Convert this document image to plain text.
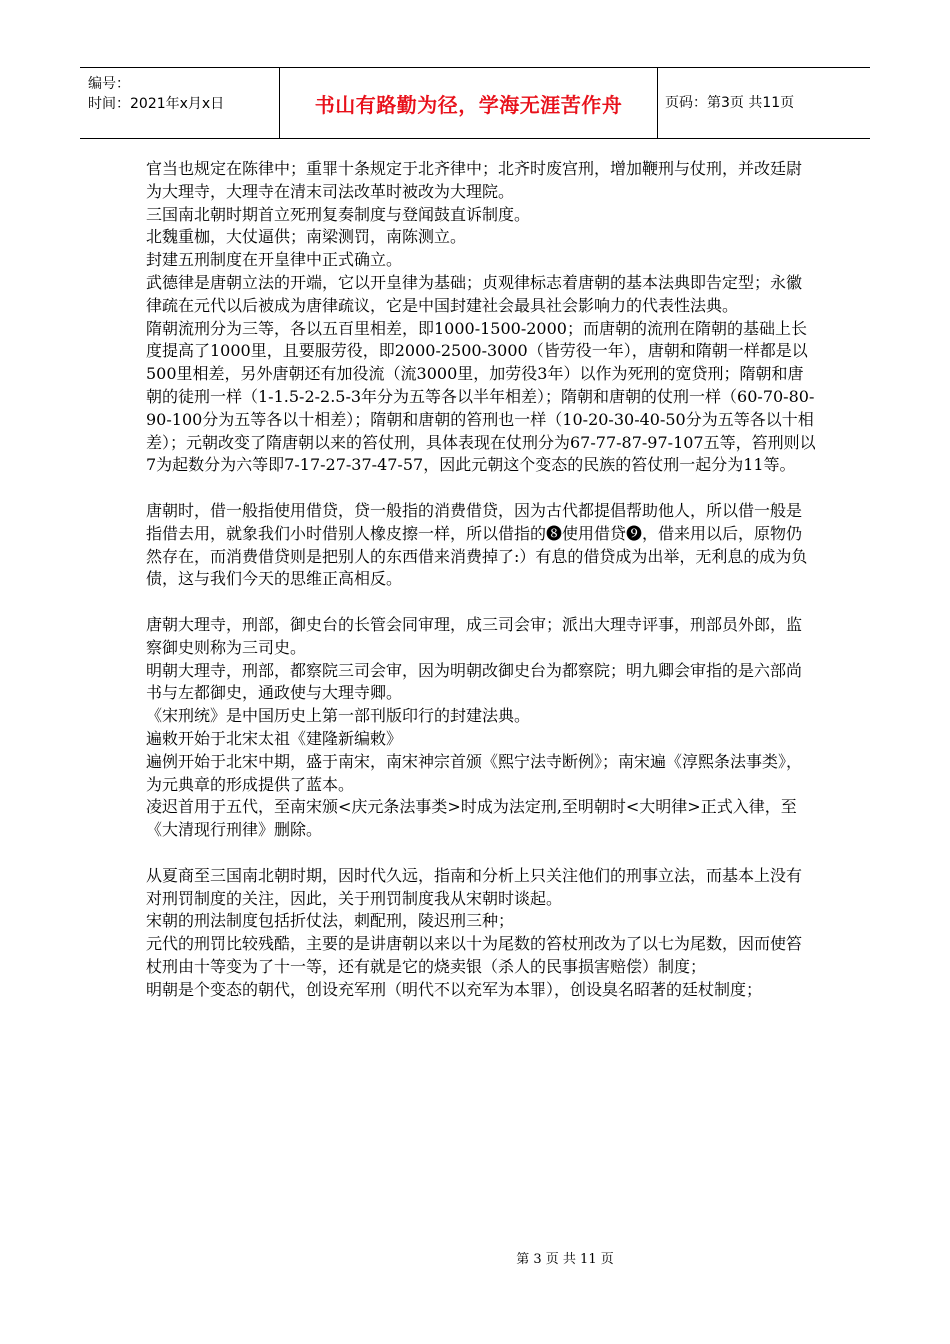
编号：
时间：2021年x月x日	书山有路勤为径，学海无涯苦作舟	页码：第3页 共11页

官当也规定在陈律中；重罪十条规定于北齐律中；北齐时废宫刑，增加鞭刑与仗刑，并改廷尉为大理寺，大理寺在清末司法改革时被改为大理院。

三国南北朝时期首立死刑复奏制度与登闻鼓直诉制度。

北魏重枷，大仗逼供；南梁测罚，南陈测立。

封建五刑制度在开皇律中正式确立。

武德律是唐朝立法的开端，它以开皇律为基础；贞观律标志着唐朝的基本法典即告定型；永徽律疏在元代以后被成为唐律疏议，它是中国封建社会最具社会影响力的代表性法典。

隋朝流刑分为三等，各以五百里相差，即1000-1500-2000；而唐朝的流刑在隋朝的基础上长度提高了1000里，且要服劳役，即2000-2500-3000（皆劳役一年），唐朝和隋朝一样都是以500里相差，另外唐朝还有加役流（流3000里，加劳役3年）以作为死刑的宽贷刑；隋朝和唐朝的徒刑一样（1-1.5-2-2.5-3年分为五等各以半年相差）；隋朝和唐朝的仗刑一样（60-70-80-90-100分为五等各以十相差）；隋朝和唐朝的笞刑也一样（10-20-30-40-50分为五等各以十相差）；元朝改变了隋唐朝以来的笞仗刑，具体表现在仗刑分为67-77-87-97-107五等，笞刑则以7为起数分为六等即7-17-27-37-47-57，因此元朝这个变态的民族的笞仗刑一起分为11等。

唐朝时，借一般指使用借贷，贷一般指的消费借贷，因为古代都提倡帮助他人，所以借一般是指借去用，就象我们小时借别人橡皮擦一样，所以借指的❽使用借贷❾，借来用以后，原物仍然存在，而消费借贷则是把别人的东西借来消费掉了:）有息的借贷成为出举，无利息的成为负债，这与我们今天的思维正高相反。

唐朝大理寺，刑部，御史台的长管会同审理，成三司会审；派出大理寺评事，刑部员外郎，监察御史则称为三司史。

明朝大理寺，刑部，都察院三司会审，因为明朝改御史台为都察院；明九卿会审指的是六部尚书与左都御史，通政使与大理寺卿。

《宋刑统》是中国历史上第一部刊版印行的封建法典。

遍敕开始于北宋太祖《建隆新编敕》

遍例开始于北宋中期，盛于南宋，南宋神宗首颁《熙宁法寺断例》；南宋遍《淳熙条法事类》，为元典章的形成提供了蓝本。

凌迟首用于五代，至南宋颁<庆元条法事类>时成为法定刑,至明朝时<大明律>正式入律，至《大清现行刑律》删除。

从夏商至三国南北朝时期，因时代久远，指南和分析上只关注他们的刑事立法，而基本上没有对刑罚制度的关注，因此，关于刑罚制度我从宋朝时谈起。

宋朝的刑法制度包括折仗法，刺配刑，陵迟刑三种；

元代的刑罚比较残酷，主要的是讲唐朝以来以十为尾数的笞杖刑改为了以七为尾数，因而使笞杖刑由十等变为了十一等，还有就是它的烧卖银（杀人的民事损害赔偿）制度；

明朝是个变态的朝代，创设充军刑（明代不以充军为本罪），创设臭名昭著的廷杖制度；

第 3 页 共 11 页
